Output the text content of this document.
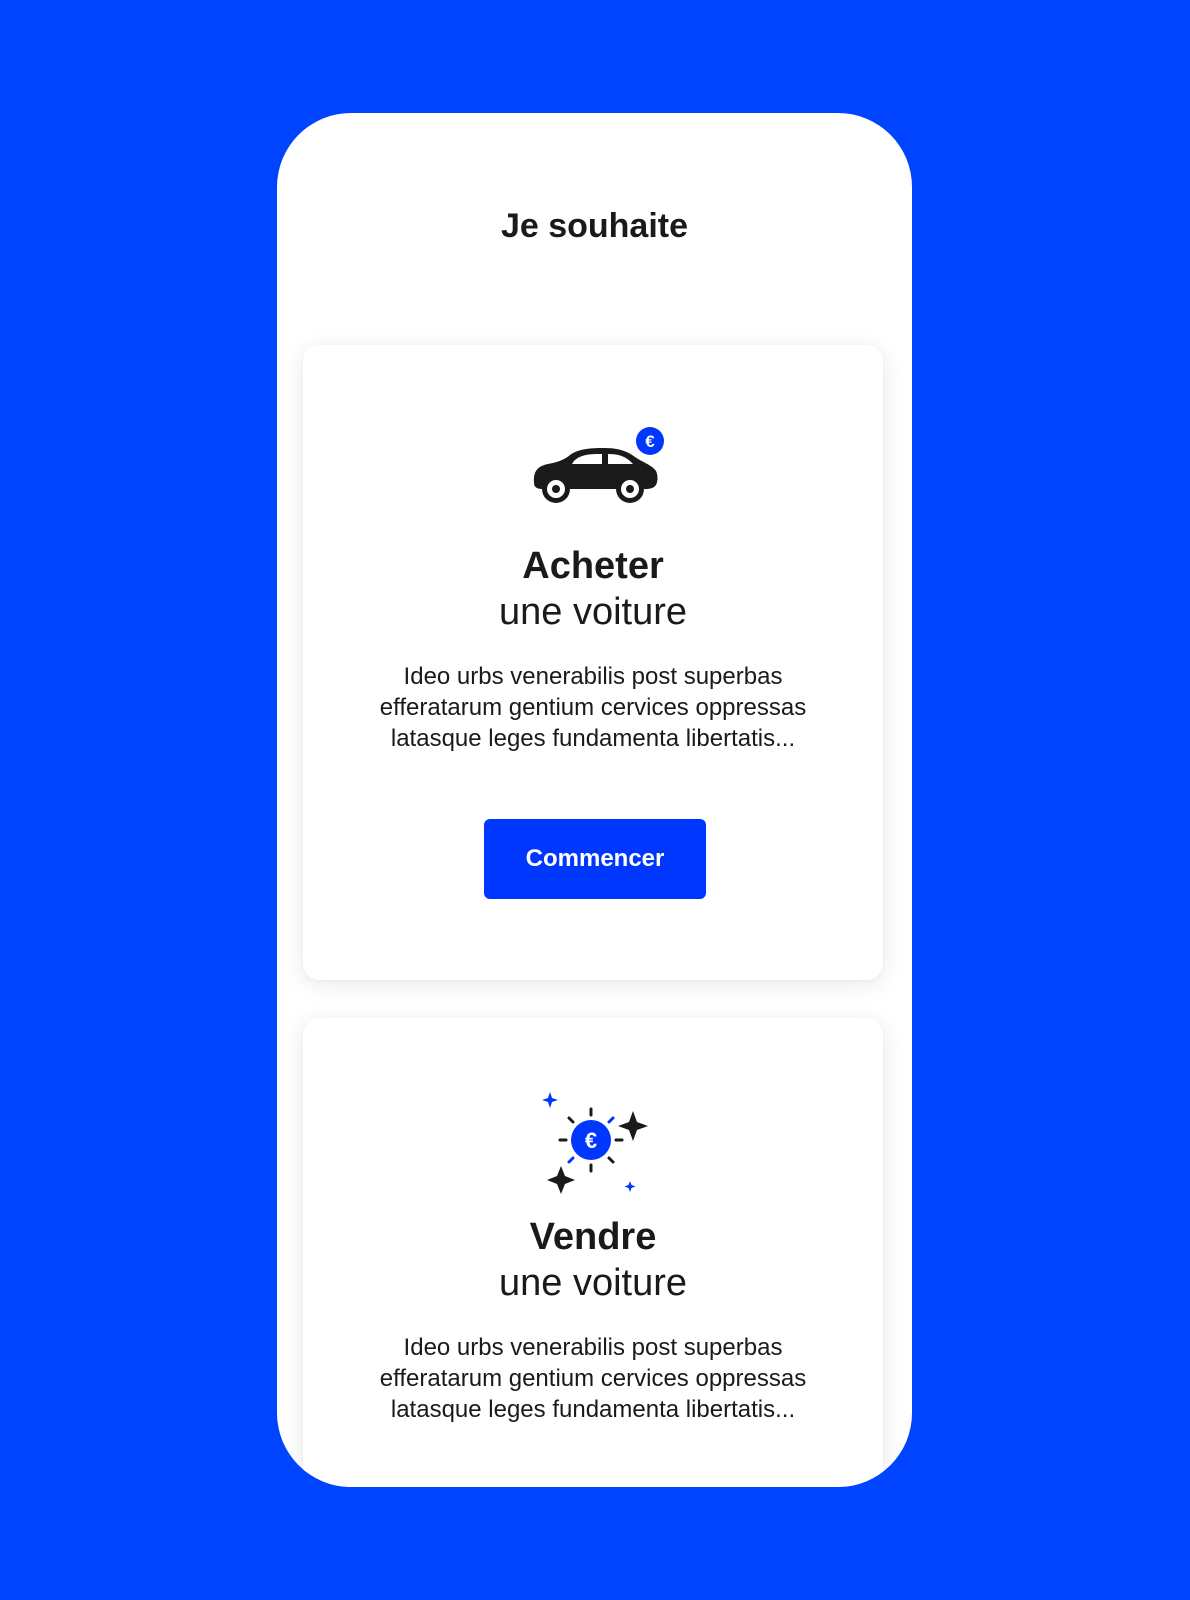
Je souhaite
€
Acheter
une voiture

Ideo urbs venerabilis post superbas efferatarum gentium cervices oppressas latasque leges fundamenta libertatis...

Commencer
€
Vendre
une voiture

Ideo urbs venerabilis post superbas efferatarum gentium cervices oppressas latasque leges fundamenta libertatis...
